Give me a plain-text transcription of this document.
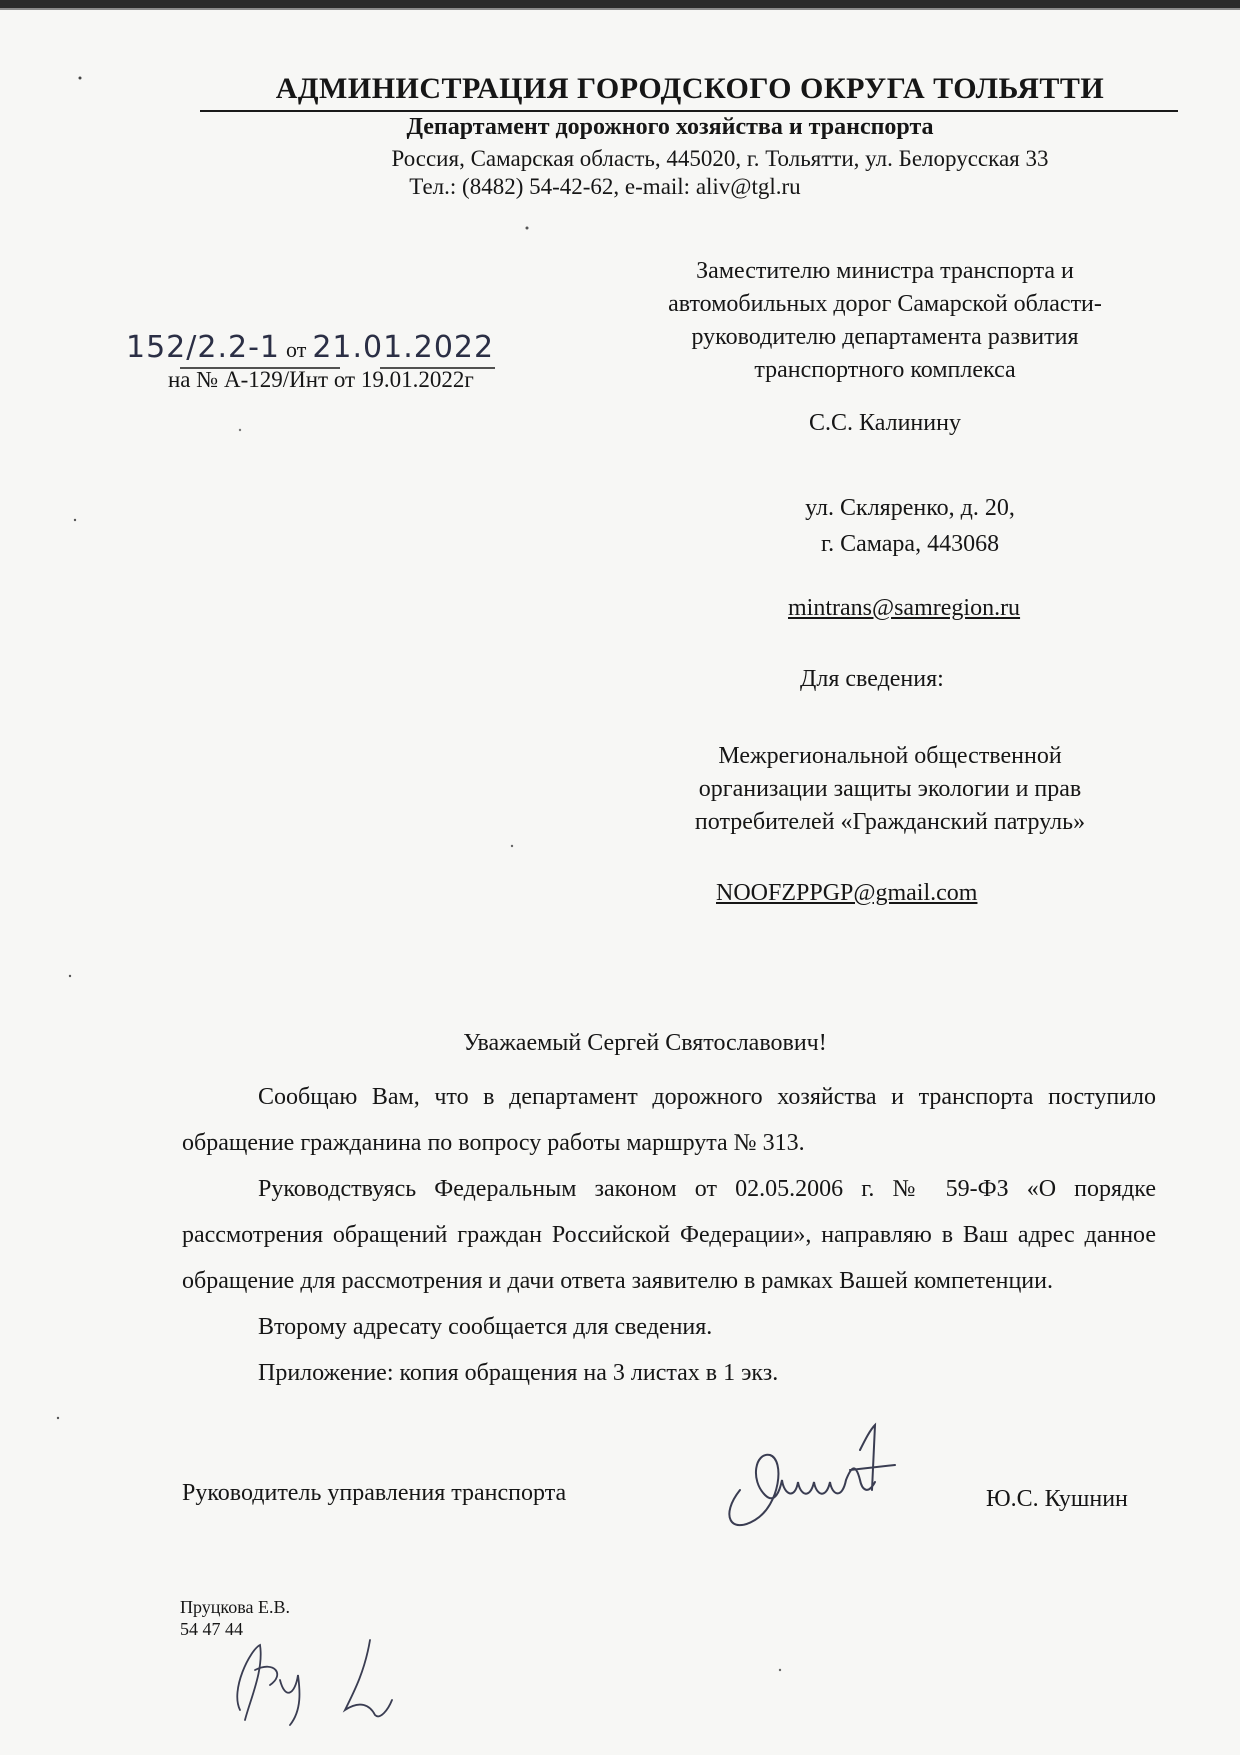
АДМИНИСТРАЦИЯ ГОРОДСКОГО ОКРУГА ТОЛЬЯТТИ
Департамент дорожного хозяйства и транспорта
Россия, Самарская область, 445020, г. Тольятти, ул. Белорусская 33
Тел.: (8482) 54-42-62, e-mail: aliv@tgl.ru
152/2.2-1 от 21.01.2022
на № А-129/Инт от 19.01.2022г
Заместителю министра транспорта и
автомобильных дорог Самарской области-
руководителю департамента развития
транспортного комплекса
С.С. Калинину
ул. Скляренко, д. 20,
г. Самара, 443068
mintrans@samregion.ru
Для сведения:
Межрегиональной общественной
организации защиты экологии и прав
потребителей «Гражданский патруль»
NOOFZPPGP@gmail.com
Уважаемый Сергей Святославович!

Сообщаю Вам, что в департамент дорожного хозяйства и транспорта поступило обращение гражданина по вопросу работы маршрута № 313.

Руководствуясь Федеральным законом от 02.05.2006 г. № 59-ФЗ «О порядке рассмотрения обращений граждан Российской Федерации», направляю в Ваш адрес данное обращение для рассмотрения и дачи ответа заявителю в рамках Вашей компетенции.

Второму адресату сообщается для сведения.

Приложение: копия обращения на 3 листах в 1 экз.

Руководитель управления транспорта	Ю.С. Кушнин
Пруцкова Е.В.
54 47 44
